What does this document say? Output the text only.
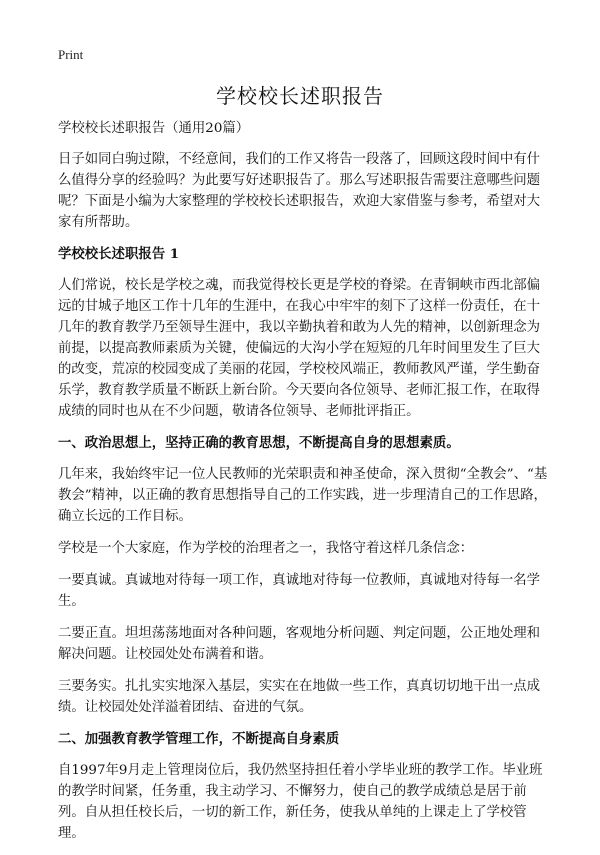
Print
学校校长述职报告

学校校长述职报告（通用20篇）

日子如同白驹过隙，不经意间，我们的工作又将告一段落了，回顾这段时间中有什么值得分享的经验吗？为此要写好述职报告了。那么写述职报告需要注意哪些问题呢？下面是小编为大家整理的学校校长述职报告，欢迎大家借鉴与参考，希望对大家有所帮助。

学校校长述职报告 1

人们常说，校长是学校之魂，而我觉得校长更是学校的脊梁。在青铜峡市西北部偏远的甘城子地区工作十几年的生涯中，在我心中牢牢的刻下了这样一份责任，在十几年的教育教学乃至领导生涯中，我以辛勤执着和敢为人先的精神，以创新理念为前提，以提高教师素质为关键，使偏远的大沟小学在短短的几年时间里发生了巨大的改变，荒凉的校园变成了美丽的花园，学校校风端正，教师教风严谨，学生勤奋乐学，教育教学质量不断跃上新台阶。今天要向各位领导、老师汇报工作，在取得成绩的同时也从在不少问题，敬请各位领导、老师批评指正。

一、政治思想上，坚持正确的教育思想，不断提高自身的思想素质。

几年来，我始终牢记一位人民教师的光荣职责和神圣使命，深入贯彻“全教会”、“基教会”精神，以正确的教育思想指导自己的工作实践，进一步理清自己的工作思路，确立长远的工作目标。

学校是一个大家庭，作为学校的治理者之一，我恪守着这样几条信念：

一要真诚。真诚地对待每一项工作，真诚地对待每一位教师，真诚地对待每一名学生。

二要正直。坦坦荡荡地面对各种问题，客观地分析问题、判定问题，公正地处理和解决问题。让校园处处布满着和谐。

三要务实。扎扎实实地深入基层，实实在在地做一些工作，真真切切地干出一点成绩。让校园处处洋溢着团结、奋进的气氛。

二、加强教育教学管理工作，不断提高自身素质

自1997年9月走上管理岗位后，我仍然坚持担任着小学毕业班的教学工作。毕业班的教学时间紧，任务重，我主动学习、不懈努力，使自己的教学成绩总是居于前列。自从担任校长后，一切的新工作，新任务，使我从单纯的上课走上了学校管理。
